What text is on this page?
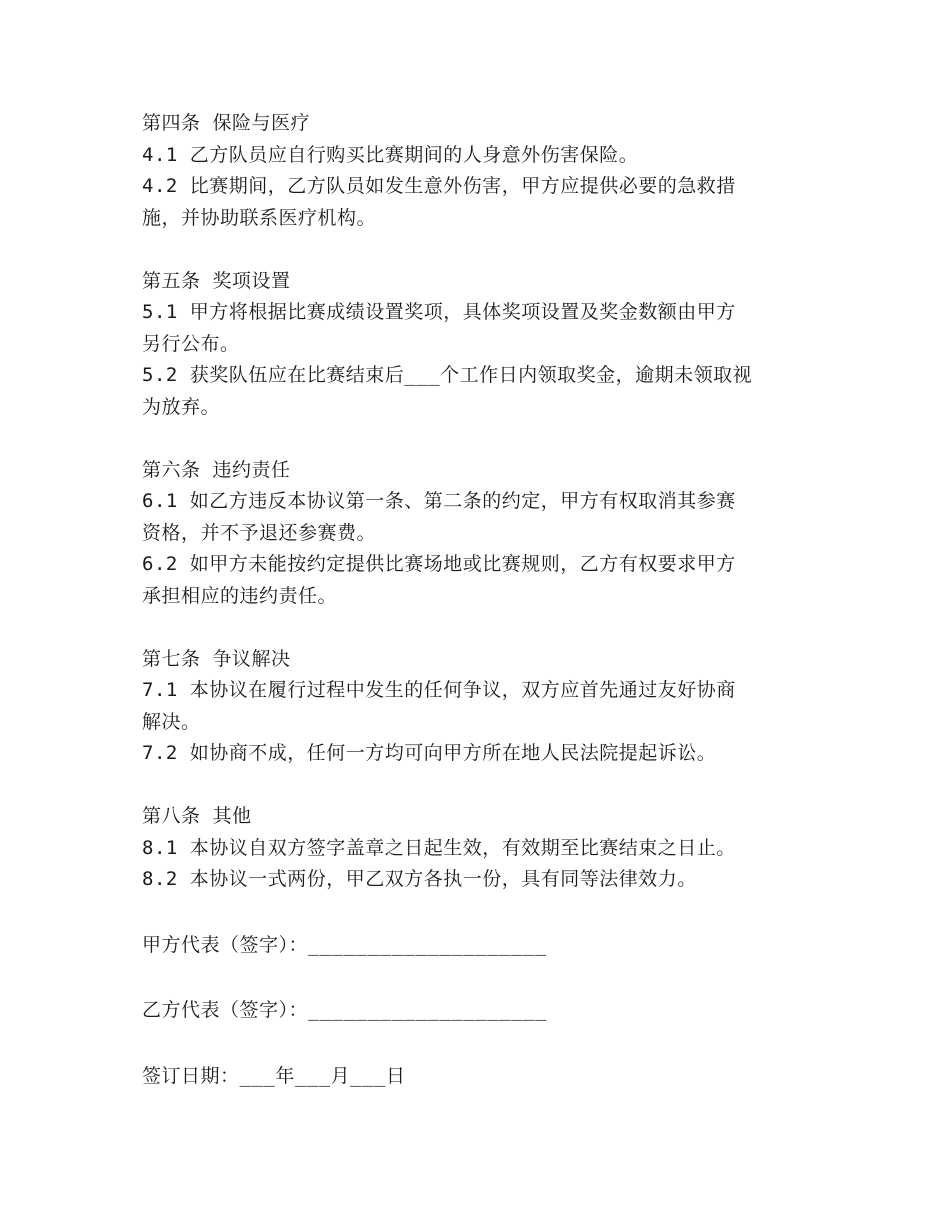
第四条 保险与医疗
4.1 乙方队员应自行购买比赛期间的人身意外伤害保险。
4.2 比赛期间，乙方队员如发生意外伤害，甲方应提供必要的急救措
施，并协助联系医疗机构。
第五条 奖项设置
5.1 甲方将根据比赛成绩设置奖项，具体奖项设置及奖金数额由甲方
另行公布。
5.2 获奖队伍应在比赛结束后___个工作日内领取奖金，逾期未领取视
为放弃。
第六条 违约责任
6.1 如乙方违反本协议第一条、第二条的约定，甲方有权取消其参赛
资格，并不予退还参赛费。
6.2 如甲方未能按约定提供比赛场地或比赛规则，乙方有权要求甲方
承担相应的违约责任。
第七条 争议解决
7.1 本协议在履行过程中发生的任何争议，双方应首先通过友好协商
解决。
7.2 如协商不成，任何一方均可向甲方所在地人民法院提起诉讼。
第八条 其他
8.1 本协议自双方签字盖章之日起生效，有效期至比赛结束之日止。
8.2 本协议一式两份，甲乙双方各执一份，具有同等法律效力。
甲方代表（签字）：____________________
乙方代表（签字）：____________________
签订日期：___年___月___日
